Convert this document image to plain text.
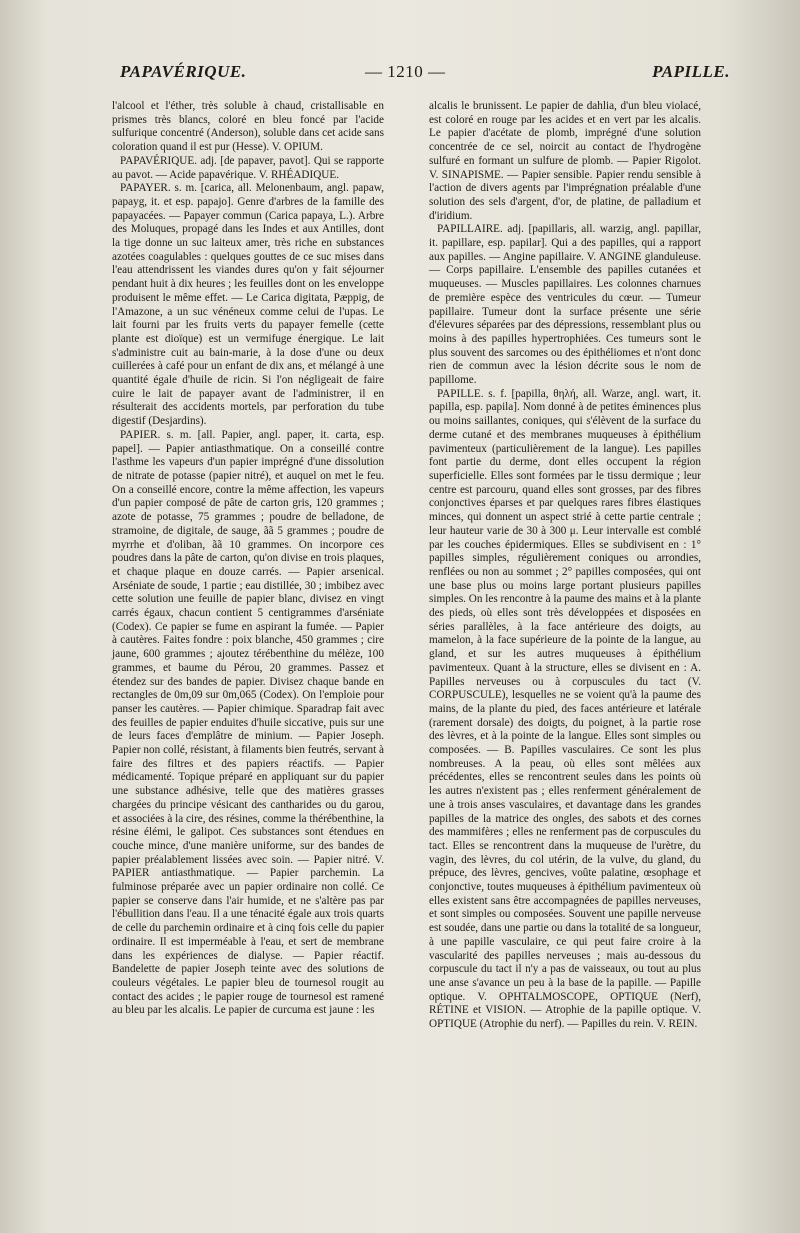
PAPAVÉRIQUE.	— 1210 —	PAPILLE.

l'alcool et l'éther, très soluble à chaud, cristallisable en prismes très blancs, coloré en bleu foncé par l'acide sulfurique concentré (Anderson), soluble dans cet acide sans coloration quand il est pur (Hesse). V. OPIUM.

PAPAVÉRIQUE. adj. [de papaver, pavot]. Qui se rapporte au pavot. — Acide papavérique. V. RHÉADIQUE.

PAPAYER. s. m. [carica, all. Melonenbaum, angl. papaw, papayg, it. et esp. papajo]. Genre d'arbres de la famille des papayacées. — Papayer commun (Carica papaya, L.). Arbre des Moluques, propagé dans les Indes et aux Antilles, dont la tige donne un suc laiteux amer, très riche en substances azotées coagulables : quelques gouttes de ce suc mises dans l'eau attendrissent les viandes dures qu'on y fait séjourner pendant huit à dix heures ; les feuilles dont on les enveloppe produisent le même effet. — Le Carica digitata, Pæppig, de l'Amazone, a un suc vénéneux comme celui de l'upas. Le lait fourni par les fruits verts du papayer femelle (cette plante est dioïque) est un vermifuge énergique. Le lait s'administre cuit au bain-marie, à la dose d'une ou deux cuillerées à café pour un enfant de dix ans, et mélangé à une quantité égale d'huile de ricin. Si l'on négligeait de faire cuire le lait de papayer avant de l'administrer, il en résulterait des accidents mortels, par perforation du tube digestif (Desjardins).

PAPIER. s. m. [all. Papier, angl. paper, it. carta, esp. papel]. — Papier antiasthmatique. On a conseillé contre l'asthme les vapeurs d'un papier imprégné d'une dissolution de nitrate de potasse (papier nitré), et auquel on met le feu. On a conseillé encore, contre la même affection, les vapeurs d'un papier composé de pâte de carton gris, 120 grammes ; azote de potasse, 75 grammes ; poudre de belladone, de stramoine, de digitale, de sauge, ãã 5 grammes ; poudre de myrrhe et d'oliban, ãã 10 grammes. On incorpore ces poudres dans la pâte de carton, qu'on divise en trois plaques, et chaque plaque en douze carrés. — Papier arsenical. Arséniate de soude, 1 partie ; eau distillée, 30 ; imbibez avec cette solution une feuille de papier blanc, divisez en vingt carrés égaux, chacun contient 5 centigrammes d'arséniate (Codex). Ce papier se fume en aspirant la fumée. — Papier à cautères. Faites fondre : poix blanche, 450 grammes ; cire jaune, 600 grammes ; ajoutez térébenthine du mélèze, 100 grammes, et baume du Pérou, 20 grammes. Passez et étendez sur des bandes de papier. Divisez chaque bande en rectangles de 0m,09 sur 0m,065 (Codex). On l'emploie pour panser les cautères. — Papier chimique. Sparadrap fait avec des feuilles de papier enduites d'huile siccative, puis sur une de leurs faces d'emplâtre de minium. — Papier Joseph. Papier non collé, résistant, à filaments bien feutrés, servant à faire des filtres et des papiers réactifs. — Papier médicamenté. Topique préparé en appliquant sur du papier une substance adhésive, telle que des matières grasses chargées du principe vésicant des cantharides ou du garou, et associées à la cire, des résines, comme la thérébenthine, la résine élémi, le galipot. Ces substances sont étendues en couche mince, d'une manière uniforme, sur des bandes de papier préalablement lissées avec soin. — Papier nitré. V. PAPIER antiasthmatique. — Papier parchemin. La fulminose préparée avec un papier ordinaire non collé. Ce papier se conserve dans l'air humide, et ne s'altère pas par l'ébullition dans l'eau. Il a une ténacité égale aux trois quarts de celle du parchemin ordinaire et à cinq fois celle du papier ordinaire. Il est imperméable à l'eau, et sert de membrane dans les expériences de dialyse. — Papier réactif. Bandelette de papier Joseph teinte avec des solutions de couleurs végétales. Le papier bleu de tournesol rougit au contact des acides ; le papier rouge de tournesol est ramené au bleu par les alcalis. Le papier de curcuma est jaune : les

alcalis le brunissent. Le papier de dahlia, d'un bleu violacé, est coloré en rouge par les acides et en vert par les alcalis. Le papier d'acétate de plomb, imprégné d'une solution concentrée de ce sel, noircit au contact de l'hydrogène sulfuré en formant un sulfure de plomb. — Papier Rigolot. V. SINAPISME. — Papier sensible. Papier rendu sensible à l'action de divers agents par l'imprégnation préalable d'une solution des sels d'argent, d'or, de platine, de palladium et d'iridium.

PAPILLAIRE. adj. [papillaris, all. warzig, angl. papillar, it. papillare, esp. papilar]. Qui a des papilles, qui a rapport aux papilles. — Angine papillaire. V. ANGINE glanduleuse. — Corps papillaire. L'ensemble des papilles cutanées et muqueuses. — Muscles papillaires. Les colonnes charnues de première espèce des ventricules du cœur. — Tumeur papillaire. Tumeur dont la surface présente une série d'élevures séparées par des dépressions, ressemblant plus ou moins à des papilles hypertrophiées. Ces tumeurs sont le plus souvent des sarcomes ou des épithéliomes et n'ont donc rien de commun avec la lésion décrite sous le nom de papillome.

PAPILLE. s. f. [papilla, θηλή, all. Warze, angl. wart, it. papilla, esp. papila]. Nom donné à de petites éminences plus ou moins saillantes, coniques, qui s'élèvent de la surface du derme cutané et des membranes muqueuses à épithélium pavimenteux (particulièrement de la langue). Les papilles font partie du derme, dont elles occupent la région superficielle. Elles sont formées par le tissu dermique ; leur centre est parcouru, quand elles sont grosses, par des fibres conjonctives éparses et par quelques rares fibres élastiques minces, qui donnent un aspect strié à cette partie centrale ; leur hauteur varie de 30 à 300 μ. Leur intervalle est comblé par les couches épidermiques. Elles se subdivisent en : 1° papilles simples, régulièrement coniques ou arrondies, renflées ou non au sommet ; 2° papilles composées, qui ont une base plus ou moins large portant plusieurs papilles simples. On les rencontre à la paume des mains et à la plante des pieds, où elles sont très développées et disposées en séries parallèles, à la face antérieure des doigts, au mamelon, à la face supérieure de la pointe de la langue, au gland, et sur les autres muqueuses à épithélium pavimenteux. Quant à la structure, elles se divisent en : A. Papilles nerveuses ou à corpuscules du tact (V. CORPUSCULE), lesquelles ne se voient qu'à la paume des mains, de la plante du pied, des faces antérieure et latérale (rarement dorsale) des doigts, du poignet, à la partie rose des lèvres, et à la pointe de la langue. Elles sont simples ou composées. — B. Papilles vasculaires. Ce sont les plus nombreuses. A la peau, où elles sont mêlées aux précédentes, elles se rencontrent seules dans les points où les autres n'existent pas ; elles renferment généralement de une à trois anses vasculaires, et davantage dans les grandes papilles de la matrice des ongles, des sabots et des cornes des mammifères ; elles ne renferment pas de corpuscules du tact. Elles se rencontrent dans la muqueuse de l'urètre, du vagin, des lèvres, du col utérin, de la vulve, du gland, du prépuce, des lèvres, gencives, voûte palatine, œsophage et conjonctive, toutes muqueuses à épithélium pavimenteux où elles existent sans être accompagnées de papilles nerveuses, et sont simples ou composées. Souvent une papille nerveuse est soudée, dans une partie ou dans la totalité de sa longueur, à une papille vasculaire, ce qui peut faire croire à la vascularité des papilles nerveuses ; mais au-dessous du corpuscule du tact il n'y a pas de vaisseaux, ou tout au plus une anse s'avance un peu à la base de la papille. — Papille optique. V. OPHTALMOSCOPE, OPTIQUE (Nerf), RÉTINE et VISION. — Atrophie de la papille optique. V. OPTIQUE (Atrophie du nerf). — Papilles du rein. V. REIN.
